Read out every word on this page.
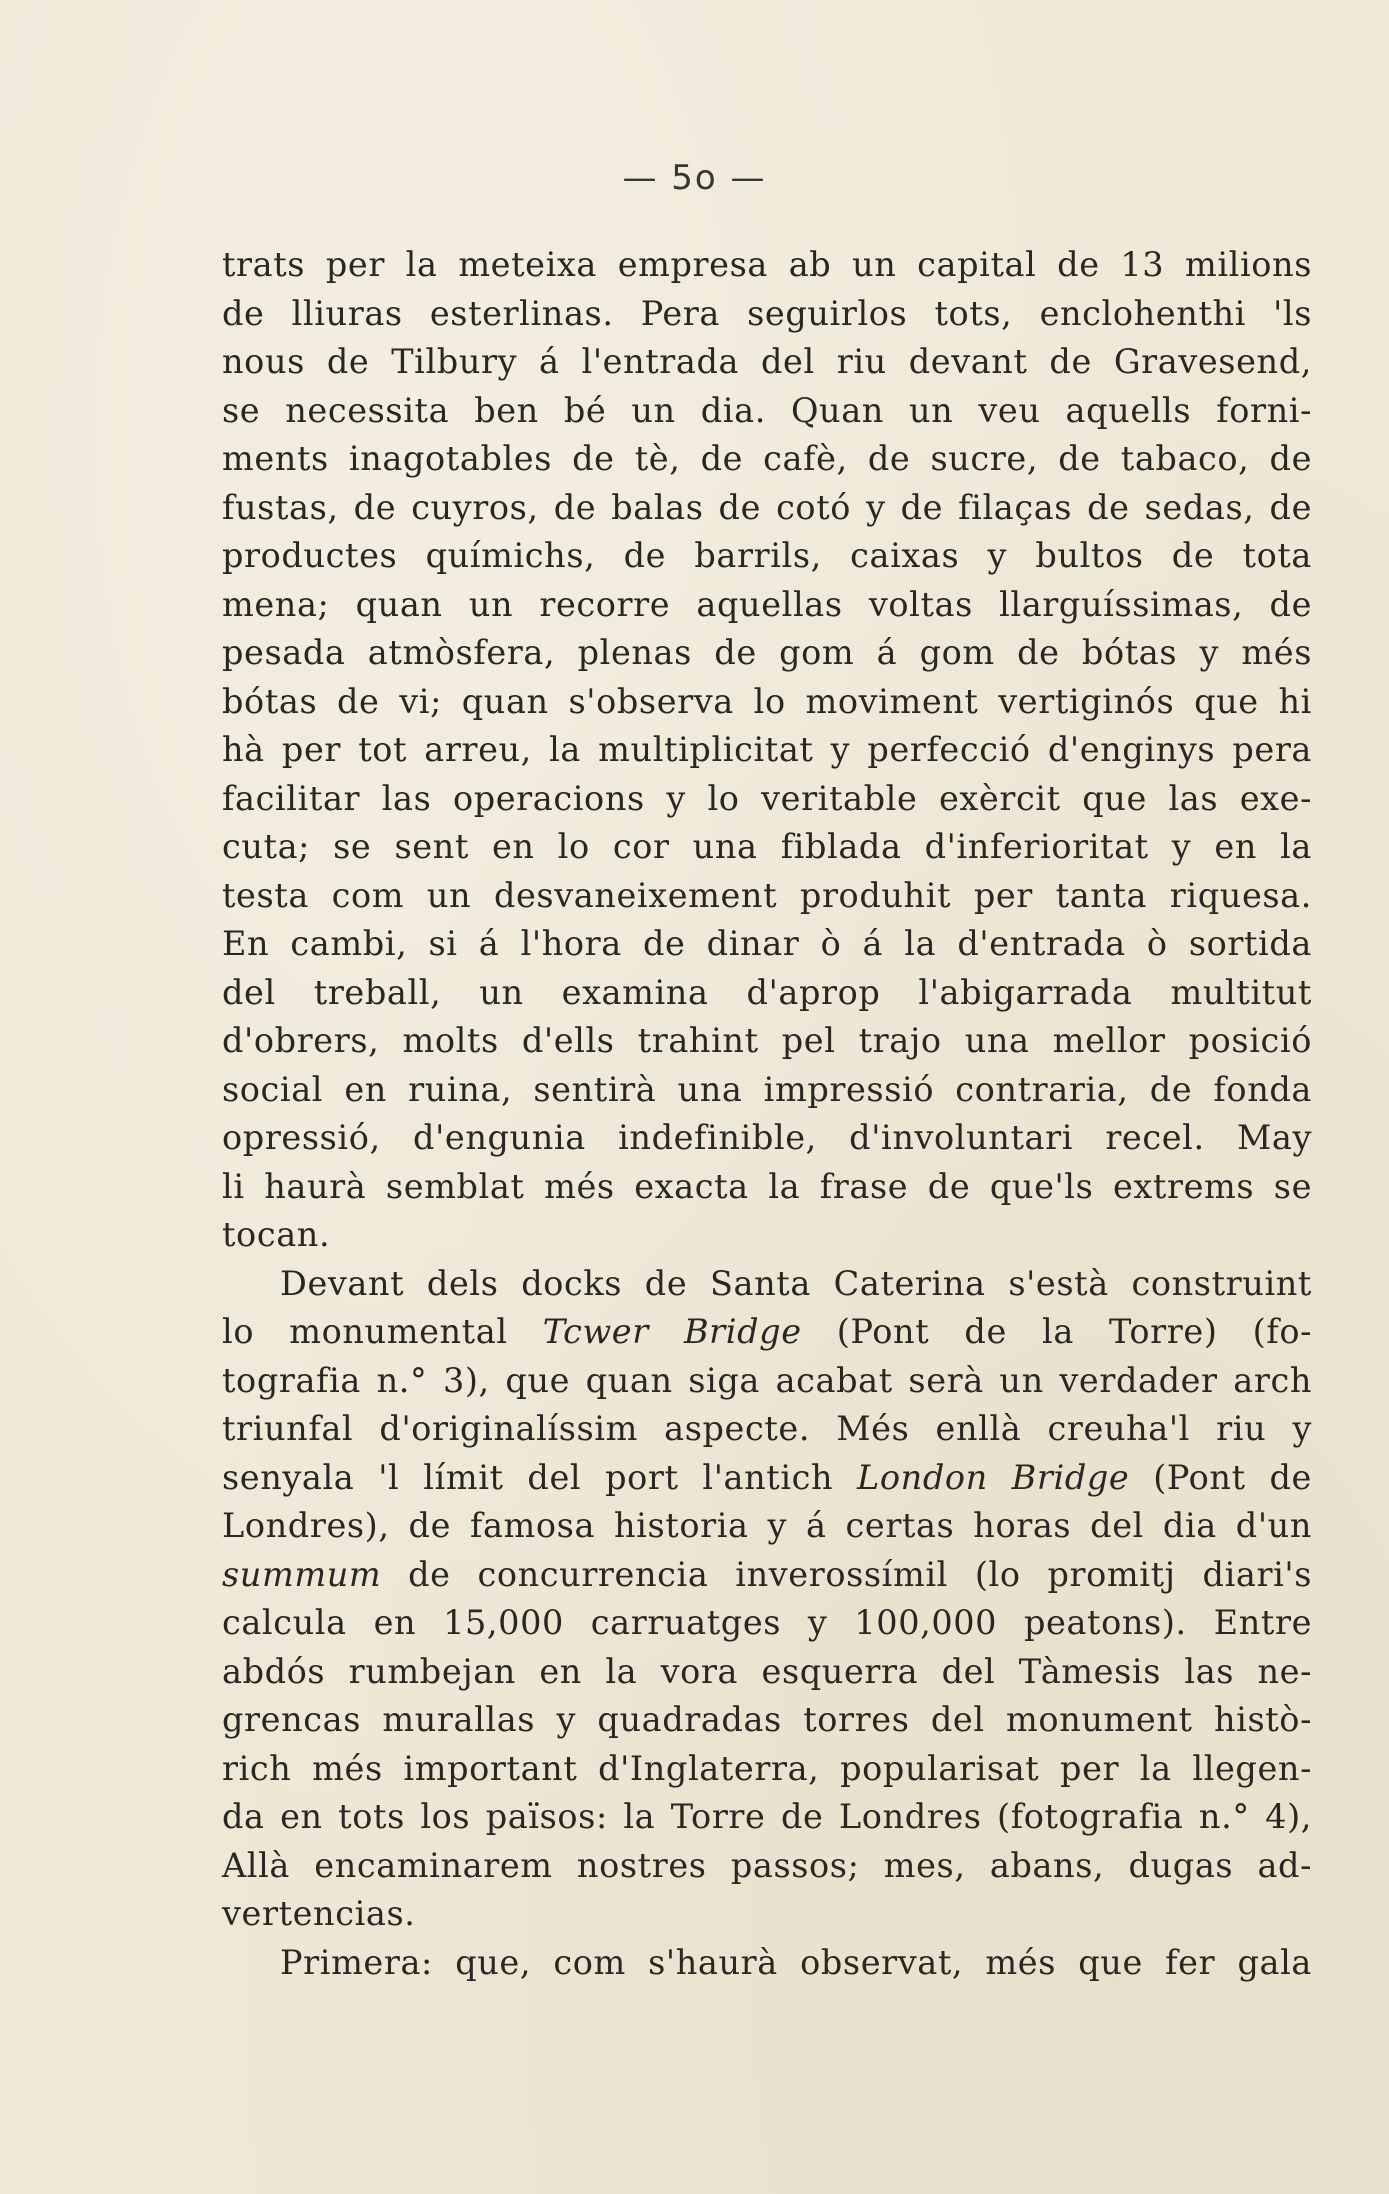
— 5o —
trats per la meteixa empresa ab un capital de 13 milions
de lliuras esterlinas. Pera seguirlos tots, enclohenthi 'ls
nous de Tilbury á l'entrada del riu devant de Gravesend,
se necessita ben bé un dia. Quan un veu aquells forni-
ments inagotables de tè, de cafè, de sucre, de tabaco, de
fustas, de cuyros, de balas de cotó y de filaças de sedas, de
productes químichs, de barrils, caixas y bultos de tota
mena; quan un recorre aquellas voltas llarguíssimas, de
pesada atmòsfera, plenas de gom á gom de bótas y més
bótas de vi; quan s'observa lo moviment vertiginós que hi
hà per tot arreu, la multiplicitat y perfecció d'enginys pera
facilitar las operacions y lo veritable exèrcit que las exe-
cuta; se sent en lo cor una fiblada d'inferioritat y en la
testa com un desvaneixement produhit per tanta riquesa.
En cambi, si á l'hora de dinar ò á la d'entrada ò sortida
del treball, un examina d'aprop l'abigarrada multitut
d'obrers, molts d'ells trahint pel trajo una mellor posició
social en ruina, sentirà una impressió contraria, de fonda
opressió, d'engunia indefinible, d'involuntari recel. May
li haurà semblat més exacta la frase de que'ls extrems se
tocan.
Devant dels docks de Santa Caterina s'està construint
lo monumental Tcwer Bridge (Pont de la Torre) (fo-
tografia n.° 3), que quan siga acabat serà un verdader arch
triunfal d'originalíssim aspecte. Més enllà creuha'l riu y
senyala 'l límit del port l'antich London Bridge (Pont de
Londres), de famosa historia y á certas horas del dia d'un
summum de concurrencia inverossímil (lo promitj diari's
calcula en 15,000 carruatges y 100,000 peatons). Entre
abdós rumbejan en la vora esquerra del Tàmesis las ne-
grencas murallas y quadradas torres del monument histò-
rich més important d'Inglaterra, popularisat per la llegen-
da en tots los països: la Torre de Londres (fotografia n.° 4),
Allà encaminarem nostres passos; mes, abans, dugas ad-
vertencias.
Primera: que, com s'haurà observat, més que fer gala
